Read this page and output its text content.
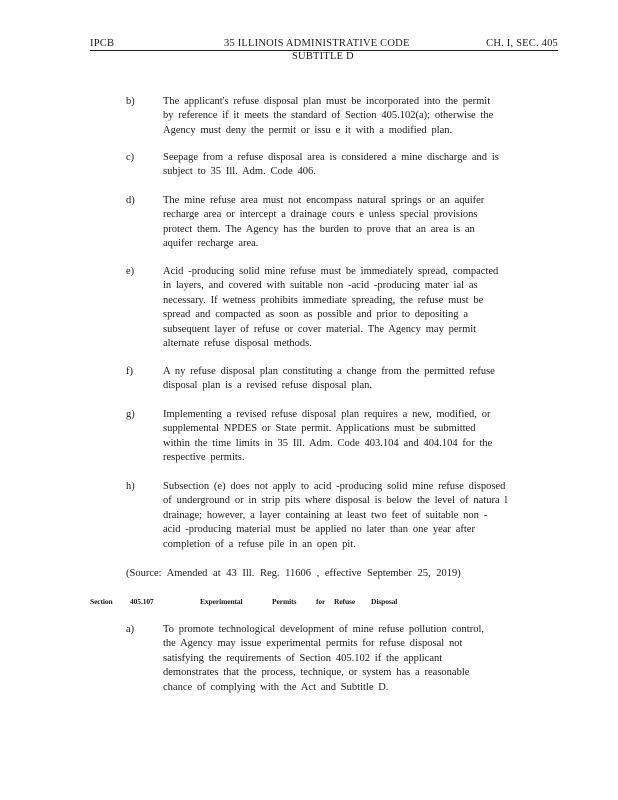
IPCB	35 ILLINOIS ADMINISTRATIVE CODE	CH. I, SEC. 405
SUBTITLE D
b)	The applicant's refuse disposal plan must be incorporated into the permit
by reference if it meets the standard of Section 405.102(a); otherwise the
Agency must deny the permit or issu e it with a modified plan.
c)	Seepage from a refuse disposal area is considered a mine discharge and is
subject to 35 Ill. Adm. Code 406.
d)	The mine refuse area must not encompass natural springs or an aquifer
recharge area or intercept a drainage cours e unless special provisions
protect them. The Agency has the burden to prove that an area is an
aquifer recharge area.
e)	Acid -producing solid mine refuse must be immediately spread, compacted
in layers, and covered with suitable non -acid -producing mater ial as
necessary. If wetness prohibits immediate spreading, the refuse must be
spread and compacted as soon as possible and prior to depositing a
subsequent layer of refuse or cover material. The Agency may permit
alternate refuse disposal methods.
f)	A ny refuse disposal plan constituting a change from the permitted refuse
disposal plan is a revised refuse disposal plan.
g)	Implementing a revised refuse disposal plan requires a new, modified, or
supplemental NPDES or State permit. Applications must be submitted
within the time limits in 35 Ill. Adm. Code 403.104 and 404.104 for the
respective permits.
h)	Subsection (e) does not apply to acid -producing solid mine refuse disposed
of underground or in strip pits where disposal is below the level of natura l
drainage; however, a layer containing at least two feet of suitable non -
acid -producing material must be applied no later than one year after
completion of a refuse pile in an open pit.
(Source: Amended at 43 Ill. Reg. 11606 , effective September 25, 2019)
Section 405.107	Experimental	Permits	for Refuse Disposal
a)	To promote technological development of mine refuse pollution control,
the Agency may issue experimental permits for refuse disposal not
satisfying the requirements of Section 405.102 if the applicant
demonstrates that the process, technique, or system has a reasonable
chance of complying with the Act and Subtitle D.
